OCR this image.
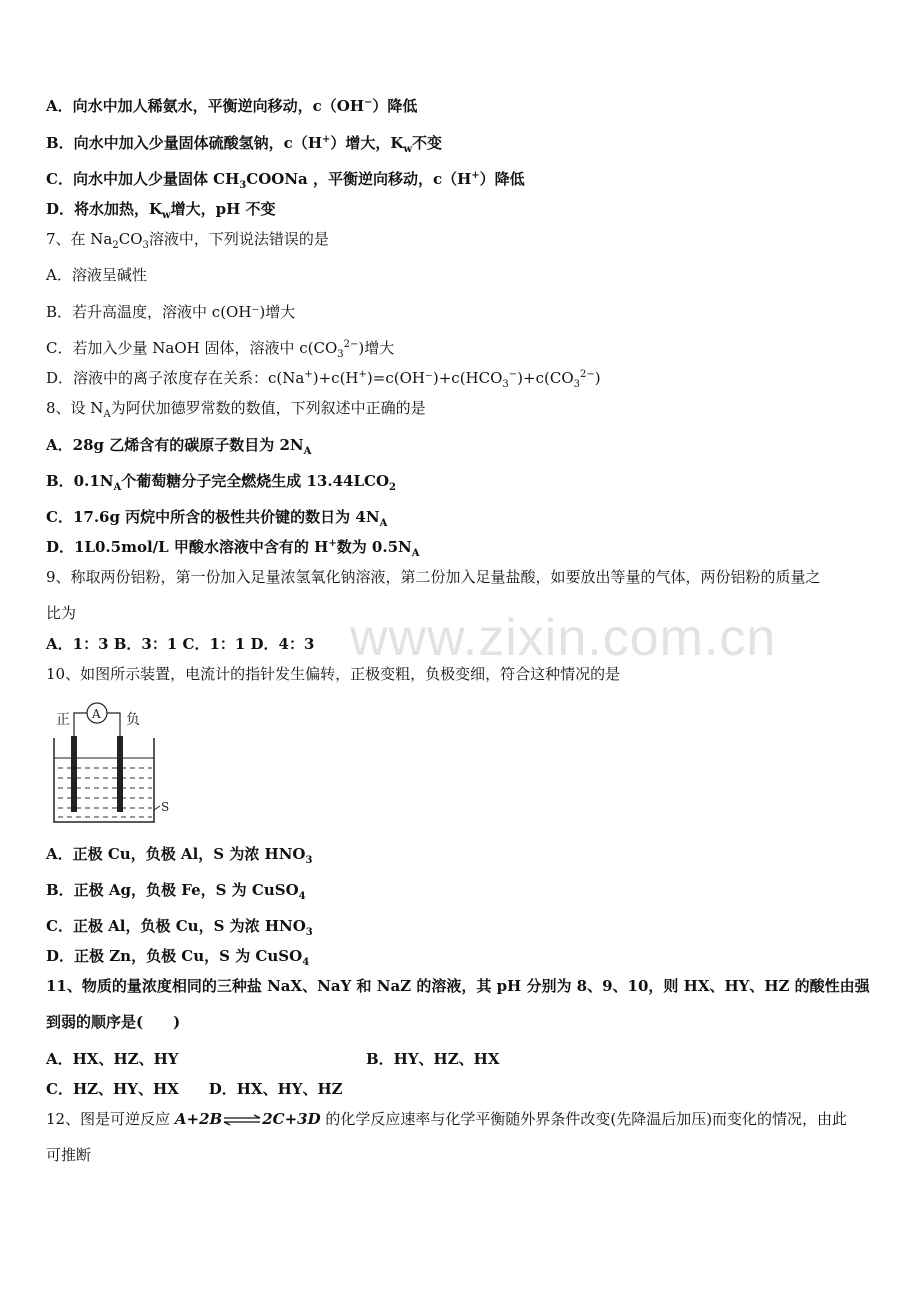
A．向水中加人稀氨水，平衡逆向移动，c（OH−）降低
B．向水中加入少量固体硫酸氢钠，c（H+）增大，$K_w$不变
C．向水中加人少量固体 $CH_3COONa$ ，平衡逆向移动，c（H+）降低
D．将水加热，$K_w$增大，pH 不变
7、在 $Na_2CO_3$溶液中，下列说法错误的是
A．溶液呈碱性
B．若升高温度，溶液中 c(OH⁻)增大
C．若加入少量 NaOH 固体，溶液中 $c(CO_3^{2-})$增大
D．溶液中的离子浓度存在关系：$c(Na^+)+c(H^+)=c(OH^-)+c(HCO_3^-)+c(CO_3^{2-})$
8、设 $N_A$为阿伏加德罗常数的数值，下列叙述中正确的是
A．28g 乙烯含有的碳原子数目为 $2N_A$
B．$0.1N_A$个葡萄糖分子完全燃烧生成 $13.44LCO_2$
C．17.6g 丙烷中所含的极性共价键的数日为 $4N_A$
D．1L0.5mol/L 甲酸水溶液中含有的 H+数为 $0.5N_A$
9、称取两份铝粉，第一份加入足量浓氢氧化钠溶液，第二份加入足量盐酸，如要放出等量的气体，两份铝粉的质量之
比为
A．1：3 B．3：1 C．1：1 D．4：3 www.zixin.com.cn
10、如图所示装置，电流计的指针发生偏转，正极变粗，负极变细，符合这种情况的是
正	负
A
S
A．正极 Cu，负极 Al，S 为浓 $HNO_3$
B．正极 Ag，负极 Fe，S 为 CuSO$_4$
C．正极 Al，负极 Cu，S 为浓 $HNO_3$
D．正极 Zn，负极 Cu，S 为 CuSO$_4$
11、物质的量浓度相同的三种盐 NaX、NaY 和 NaZ 的溶液，其 pH 分别为 8、9、10，则 HX、HY、HZ 的酸性由强
到弱的顺序是(　　)
A．HX、HZ、HY	B．HY、HZ、HX
C．HZ、HY、HX　　D．HX、HY、HZ
12、图是可逆反应 A+2B⇌2C+3D 的化学反应速率与化学平衡随外界条件改变(先降温后加压)而变化的情况，由此
可推断
